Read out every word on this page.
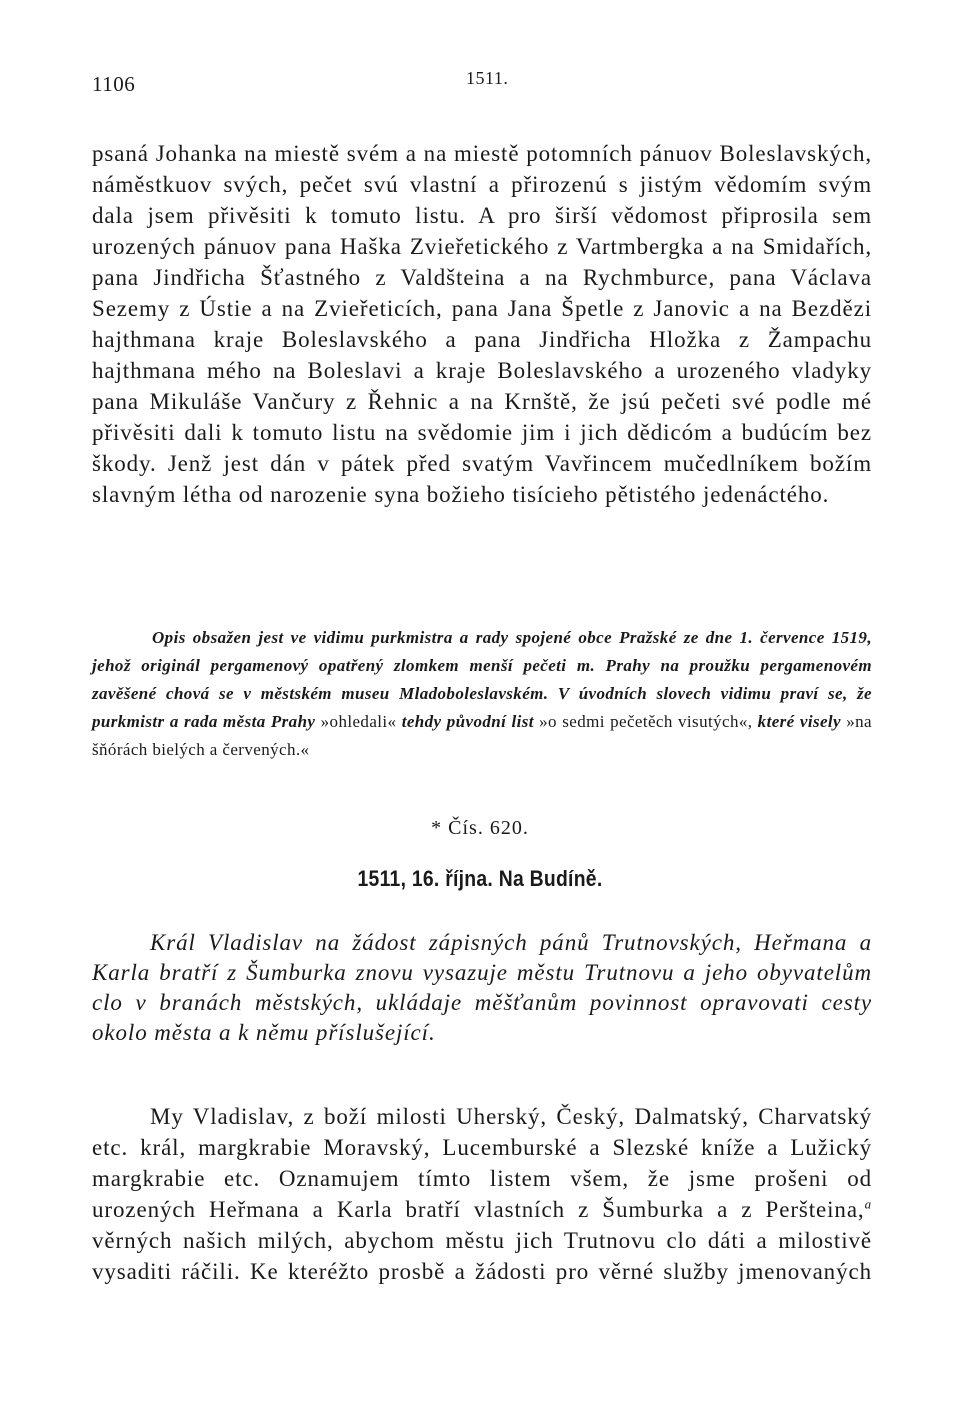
1106	1511.

psaná Johanka na miestě svém a na miestě potomních pánuov Boleslavských, náměstkuov svých, pečet svú vlastní a přirozenú s jistým vědomím svým dala jsem přivěsiti k tomuto listu. A pro širší vědomost připrosila sem urozených pánuov pana Haška Zvieřetického z Vartmbergka a na Smidařích, pana Jindřicha Šťastného z Valdšteina a na Rychmburce, pana Václava Sezemy z Ústie a na Zvieřeticích, pana Jana Špetle z Janovic a na Bezdězi hajthmana kraje Boleslavského a pana Jindřicha Hložka z Žampachu hajthmana mého na Boleslavi a kraje Boleslavského a urozeného vladyky pana Mikuláše Vančury z Řehnic a na Krnště, že jsú pečeti své podle mé přivěsiti dali k tomuto listu na svědomie jim i jich dědicóm a budúcím bez škody. Jenž jest dán v pátek před svatým Vavřincem mučedlníkem božím slavným létha od narozenie syna božieho tisícieho pětistého jedenáctého.

Opis obsažen jest ve vidimu purkmistra a rady spojené obce Pražské ze dne 1. července 1519, jehož originál pergamenový opatřený zlomkem menší pečeti m. Prahy na proužku pergamenovém zavěšené chová se v městském museu Mladoboleslavském. V úvodních slovech vidimu praví se, že purkmistr a rada města Prahy »ohledali« tehdy původní list »o sedmi pečetěch visutých«, které visely »na šňórách bielých a červených.«
* Čís. 620.
1511, 16. října. Na Budíně.

Král Vladislav na žádost zápisných pánů Trutnovských, Heřmana a Karla bratří z Šumburka znovu vysazuje městu Trutnovu a jeho obyvatelům clo v branách městských, ukládaje měšťanům povinnost opravovati cesty okolo města a k němu příslušející.

My Vladislav, z boží milosti Uherský, Český, Dalmatský, Charvatský etc. král, margkrabie Moravský, Lucemburské a Slezské kníže a Lužický margkrabie etc. Oznamujem tímto listem všem, že jsme prošeni od urozených Heřmana a Karla bratří vlastních z Šumburka a z Peršteina,$^a$ věrných našich milých, abychom městu jich Trutnovu clo dáti a milostivě vysaditi ráčili. Ke kteréžto prosbě a žádosti pro věrné služby jmenovaných
